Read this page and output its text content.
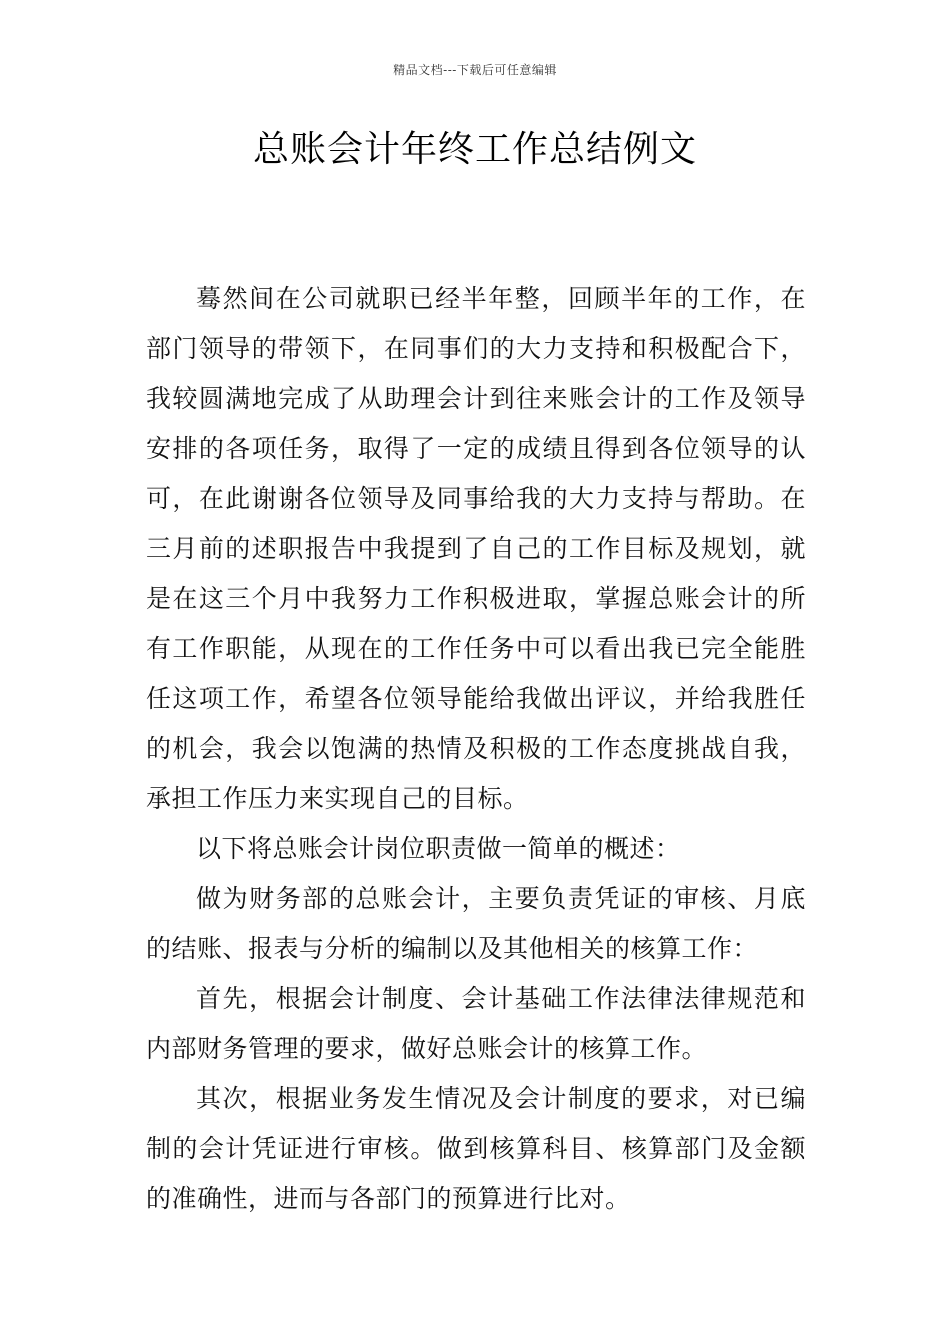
精品文档---下载后可任意编辑
总账会计年终工作总结例文

蓦然间在公司就职已经半年整，回顾半年的工作，在部门领导的带领下，在同事们的大力支持和积极配合下，我较圆满地完成了从助理会计到往来账会计的工作及领导安排的各项任务，取得了一定的成绩且得到各位领导的认可，在此谢谢各位领导及同事给我的大力支持与帮助。在三月前的述职报告中我提到了自己的工作目标及规划，就是在这三个月中我努力工作积极进取，掌握总账会计的所有工作职能，从现在的工作任务中可以看出我已完全能胜任这项工作，希望各位领导能给我做出评议，并给我胜任的机会，我会以饱满的热情及积极的工作态度挑战自我，承担工作压力来实现自己的目标。

以下将总账会计岗位职责做一简单的概述：

做为财务部的总账会计，主要负责凭证的审核、月底的结账、报表与分析的编制以及其他相关的核算工作：

首先，根据会计制度、会计基础工作法律法律规范和内部财务管理的要求，做好总账会计的核算工作。

其次，根据业务发生情况及会计制度的要求，对已编制的会计凭证进行审核。做到核算科目、核算部门及金额的准确性，进而与各部门的预算进行比对。
